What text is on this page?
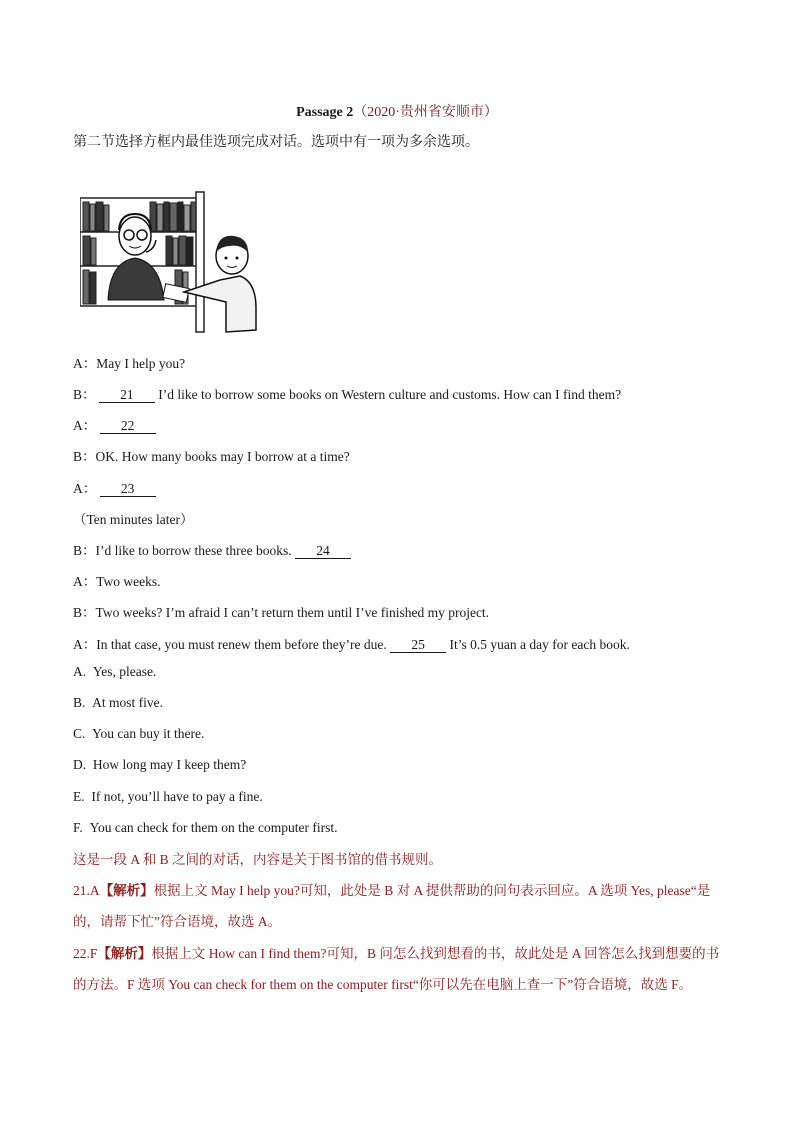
Passage 2（2020·贵州省安顺市）
第二节选择方框内最佳选项完成对话。选项中有一项为多余选项。
A：May I help you?
B： 21 I’d like to borrow some books on Western culture and customs. How can I find them?
A： 22
B：OK. How many books may I borrow at a time?
A： 23
（Ten minutes later）
B：I’d like to borrow these three books. 24
A：Two weeks.
B：Two weeks? I’m afraid I can’t return them until I’ve finished my project.
A：In that case, you must renew them before they’re due. 25 It’s 0.5 yuan a day for each book.
A. Yes, please.
B. At most five.
C. You can buy it there.
D. How long may I keep them?
E. If not, you’ll have to pay a fine.
F. You can check for them on the computer first.
这是一段 A 和 B 之间的对话，内容是关于图书馆的借书规则。
21.A【解析】根据上文 May I help you?可知，此处是 B 对 A 提供帮助的问句表示回应。A 选项 Yes, please“是的，请帮下忙”符合语境，故选 A。
22.F【解析】根据上文 How can I find them?可知，B 问怎么找到想看的书，故此处是 A 回答怎么找到想要的书的方法。F 选项 You can check for them on the computer first“你可以先在电脑上查一下”符合语境，故选 F。
